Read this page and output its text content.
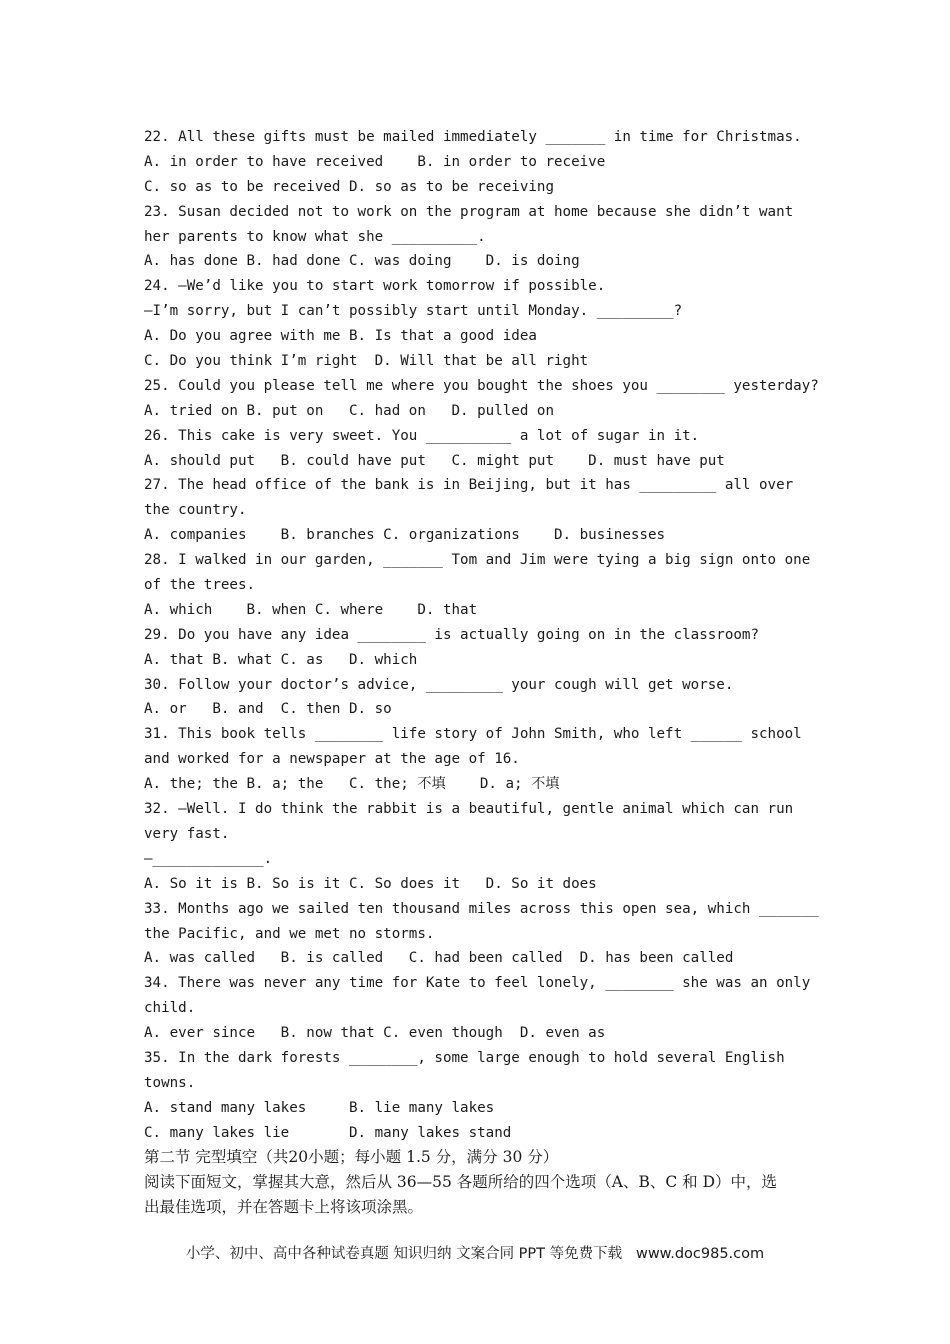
22. All these gifts must be mailed immediately _______ in time for Christmas.
A. in order to have received    B. in order to receive
C. so as to be received D. so as to be receiving
23. Susan decided not to work on the program at home because she didn’t want
her parents to know what she __________.
A. has done B. had done C. was doing    D. is doing
24. —We’d like you to start work tomorrow if possible.
—I’m sorry, but I can’t possibly start until Monday. _________?
A. Do you agree with me B. Is that a good idea
C. Do you think I’m right  D. Will that be all right
25. Could you please tell me where you bought the shoes you ________ yesterday?
A. tried on B. put on   C. had on   D. pulled on
26. This cake is very sweet. You __________ a lot of sugar in it.
A. should put   B. could have put   C. might put    D. must have put
27. The head office of the bank is in Beijing, but it has _________ all over
the country.
A. companies    B. branches C. organizations    D. businesses
28. I walked in our garden, _______ Tom and Jim were tying a big sign onto one
of the trees.
A. which    B. when C. where    D. that
29. Do you have any idea ________ is actually going on in the classroom?
A. that B. what C. as   D. which
30. Follow your doctor’s advice, _________ your cough will get worse.
A. or   B. and  C. then D. so
31. This book tells ________ life story of John Smith, who left ______ school
and worked for a newspaper at the age of 16.
A. the; the B. a; the   C. the; 不填    D. a; 不填
32. —Well. I do think the rabbit is a beautiful, gentle animal which can run
very fast.
—_____________.
A. So it is B. So is it C. So does it   D. So it does
33. Months ago we sailed ten thousand miles across this open sea, which _______
the Pacific, and we met no storms.
A. was called   B. is called   C. had been called  D. has been called
34. There was never any time for Kate to feel lonely, ________ she was an only
child.
A. ever since   B. now that C. even though  D. even as
35. In the dark forests ________, some large enough to hold several English
towns.
A. stand many lakes     B. lie many lakes
C. many lakes lie       D. many lakes stand
第二节 完型填空（共20小题；每小题 1.5 分，满分 30 分）
阅读下面短文，掌握其大意，然后从 36—55 各题所给的四个选项（A、B、C 和 D）中，选
出最佳选项，并在答题卡上将该项涂黑。
小学、初中、高中各种试卷真题 知识归纳 文案合同 PPT 等免费下载   www.doc985.com
